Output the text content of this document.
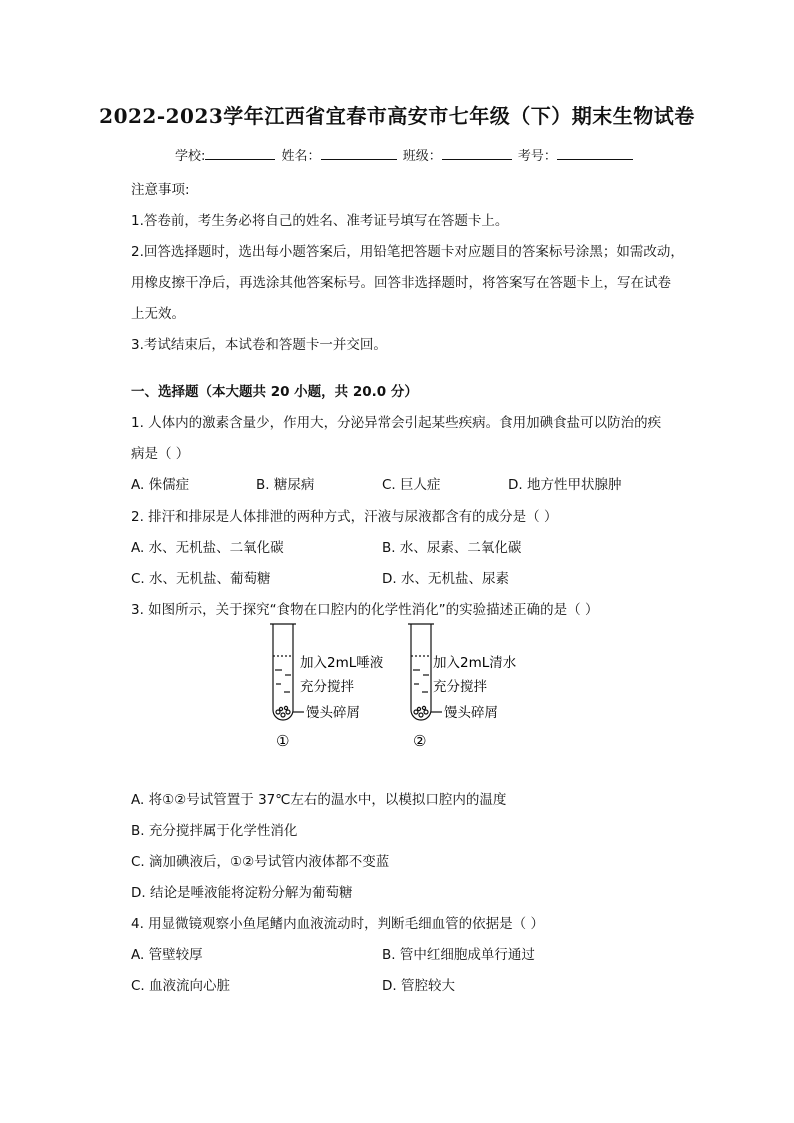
2022-2023学年江西省宜春市高安市七年级（下）期末生物试卷
学校:	姓名：	班级：	考号：
注意事项:
1.答卷前，考生务必将自己的姓名、准考证号填写在答题卡上。
2.回答选择题时，选出每小题答案后，用铅笔把答题卡对应题目的答案标号涂黑；如需改动，
用橡皮擦干净后，再选涂其他答案标号。回答非选择题时，将答案写在答题卡上，写在试卷
上无效。
3.考试结束后，本试卷和答题卡一并交回。
一、选择题（本大题共 20 小题，共 20.0 分）
1. 人体内的激素含量少，作用大，分泌异常会引起某些疾病。食用加碘食盐可以防治的疾
病是（ ）
A. 侏儒症	B. 糖尿病	C. 巨人症	D. 地方性甲状腺肿
2. 排汗和排尿是人体排泄的两种方式，汗液与尿液都含有的成分是（ ）
A. 水、无机盐、二氧化碳	B. 水、尿素、二氧化碳
C. 水、无机盐、葡萄糖	D. 水、无机盐、尿素
3. 如图所示，关于探究“食物在口腔内的化学性消化”的实验描述正确的是（ ）
加入2mL唾液
充分搅拌
馒头碎屑
①
加入2mL清水
充分搅拌
馒头碎屑
②
A. 将①②号试管置于 37℃左右的温水中，以模拟口腔内的温度
B. 充分搅拌属于化学性消化
C. 滴加碘液后，①②号试管内液体都不变蓝
D. 结论是唾液能将淀粉分解为葡萄糖
4. 用显微镜观察小鱼尾鳍内血液流动时，判断毛细血管的依据是（ ）
A. 管壁较厚	B. 管中红细胞成单行通过
C. 血液流向心脏	D. 管腔较大
